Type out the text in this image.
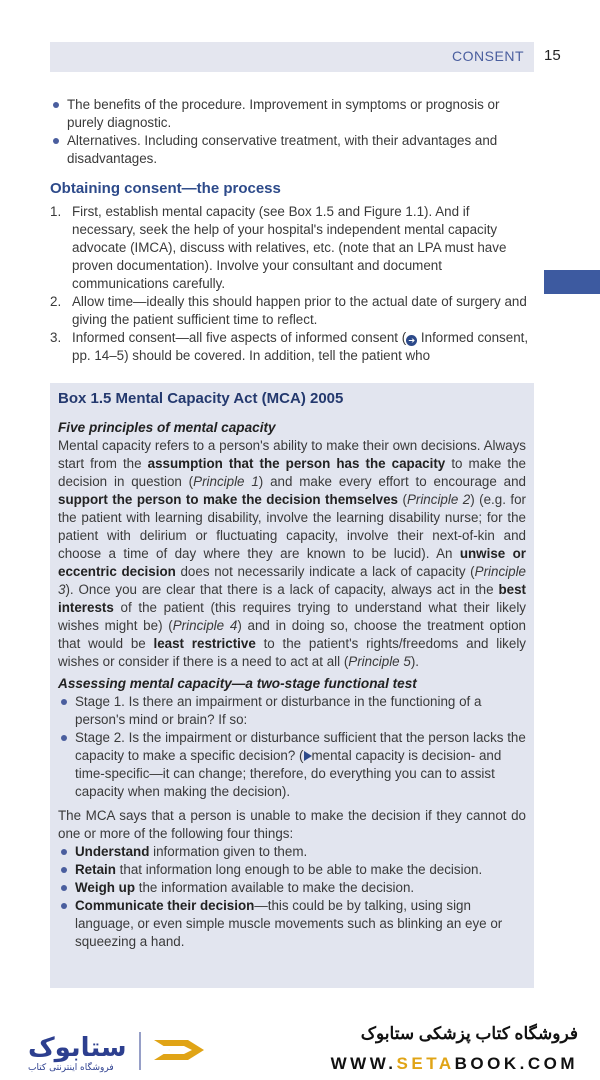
CONSENT 15
The benefits of the procedure. Improvement in symptoms or prognosis or purely diagnostic.
Alternatives. Including conservative treatment, with their advantages and disadvantages.
Obtaining consent—the process
1. First, establish mental capacity (see Box 1.5 and Figure 1.1). And if necessary, seek the help of your hospital's independent mental capacity advocate (IMCA), discuss with relatives, etc. (note that an LPA must have proven documentation). Involve your consultant and document communications carefully.
2. Allow time—ideally this should happen prior to the actual date of surgery and giving the patient sufficient time to reflect.
3. Informed consent—all five aspects of informed consent ( ➔ Informed consent, pp. 14–5) should be covered. In addition, tell the patient who
Box 1.5 Mental Capacity Act (MCA) 2005
Five principles of mental capacity
Mental capacity refers to a person's ability to make their own decisions. Always start from the assumption that the person has the capacity to make the decision in question (Principle 1) and make every effort to encourage and support the person to make the decision themselves (Principle 2) (e.g. for the patient with learning disability, involve the learning disability nurse; for the patient with delirium or fluctuating capacity, involve their next-of-kin and choose a time of day where they are known to be lucid). An unwise or eccentric decision does not necessarily indicate a lack of capacity (Principle 3). Once you are clear that there is a lack of capacity, always act in the best interests of the patient (this requires trying to understand what their likely wishes might be) (Principle 4) and in doing so, choose the treatment option that would be least restrictive to the patient's rights/freedoms and likely wishes or consider if there is a need to act at all (Principle 5).
Assessing mental capacity—a two-stage functional test
Stage 1. Is there an impairment or disturbance in the functioning of a person's mind or brain? If so:
Stage 2. Is the impairment or disturbance sufficient that the person lacks the capacity to make a specific decision? ( mental capacity is decision- and time-specific—it can change; therefore, do everything you can to assist capacity when making the decision).
The MCA says that a person is unable to make the decision if they cannot do one or more of the following four things:
Understand information given to them.
Retain that information long enough to be able to make the decision.
Weigh up the information available to make the decision.
Communicate their decision—this could be by talking, using sign language, or even simple muscle movements such as blinking an eye or squeezing a hand.
ستابوک
فروشگاه اینترنتی کتاب
فروشگاه کتاب پزشکی ستابوک
WWW.SETABOOK.COM
